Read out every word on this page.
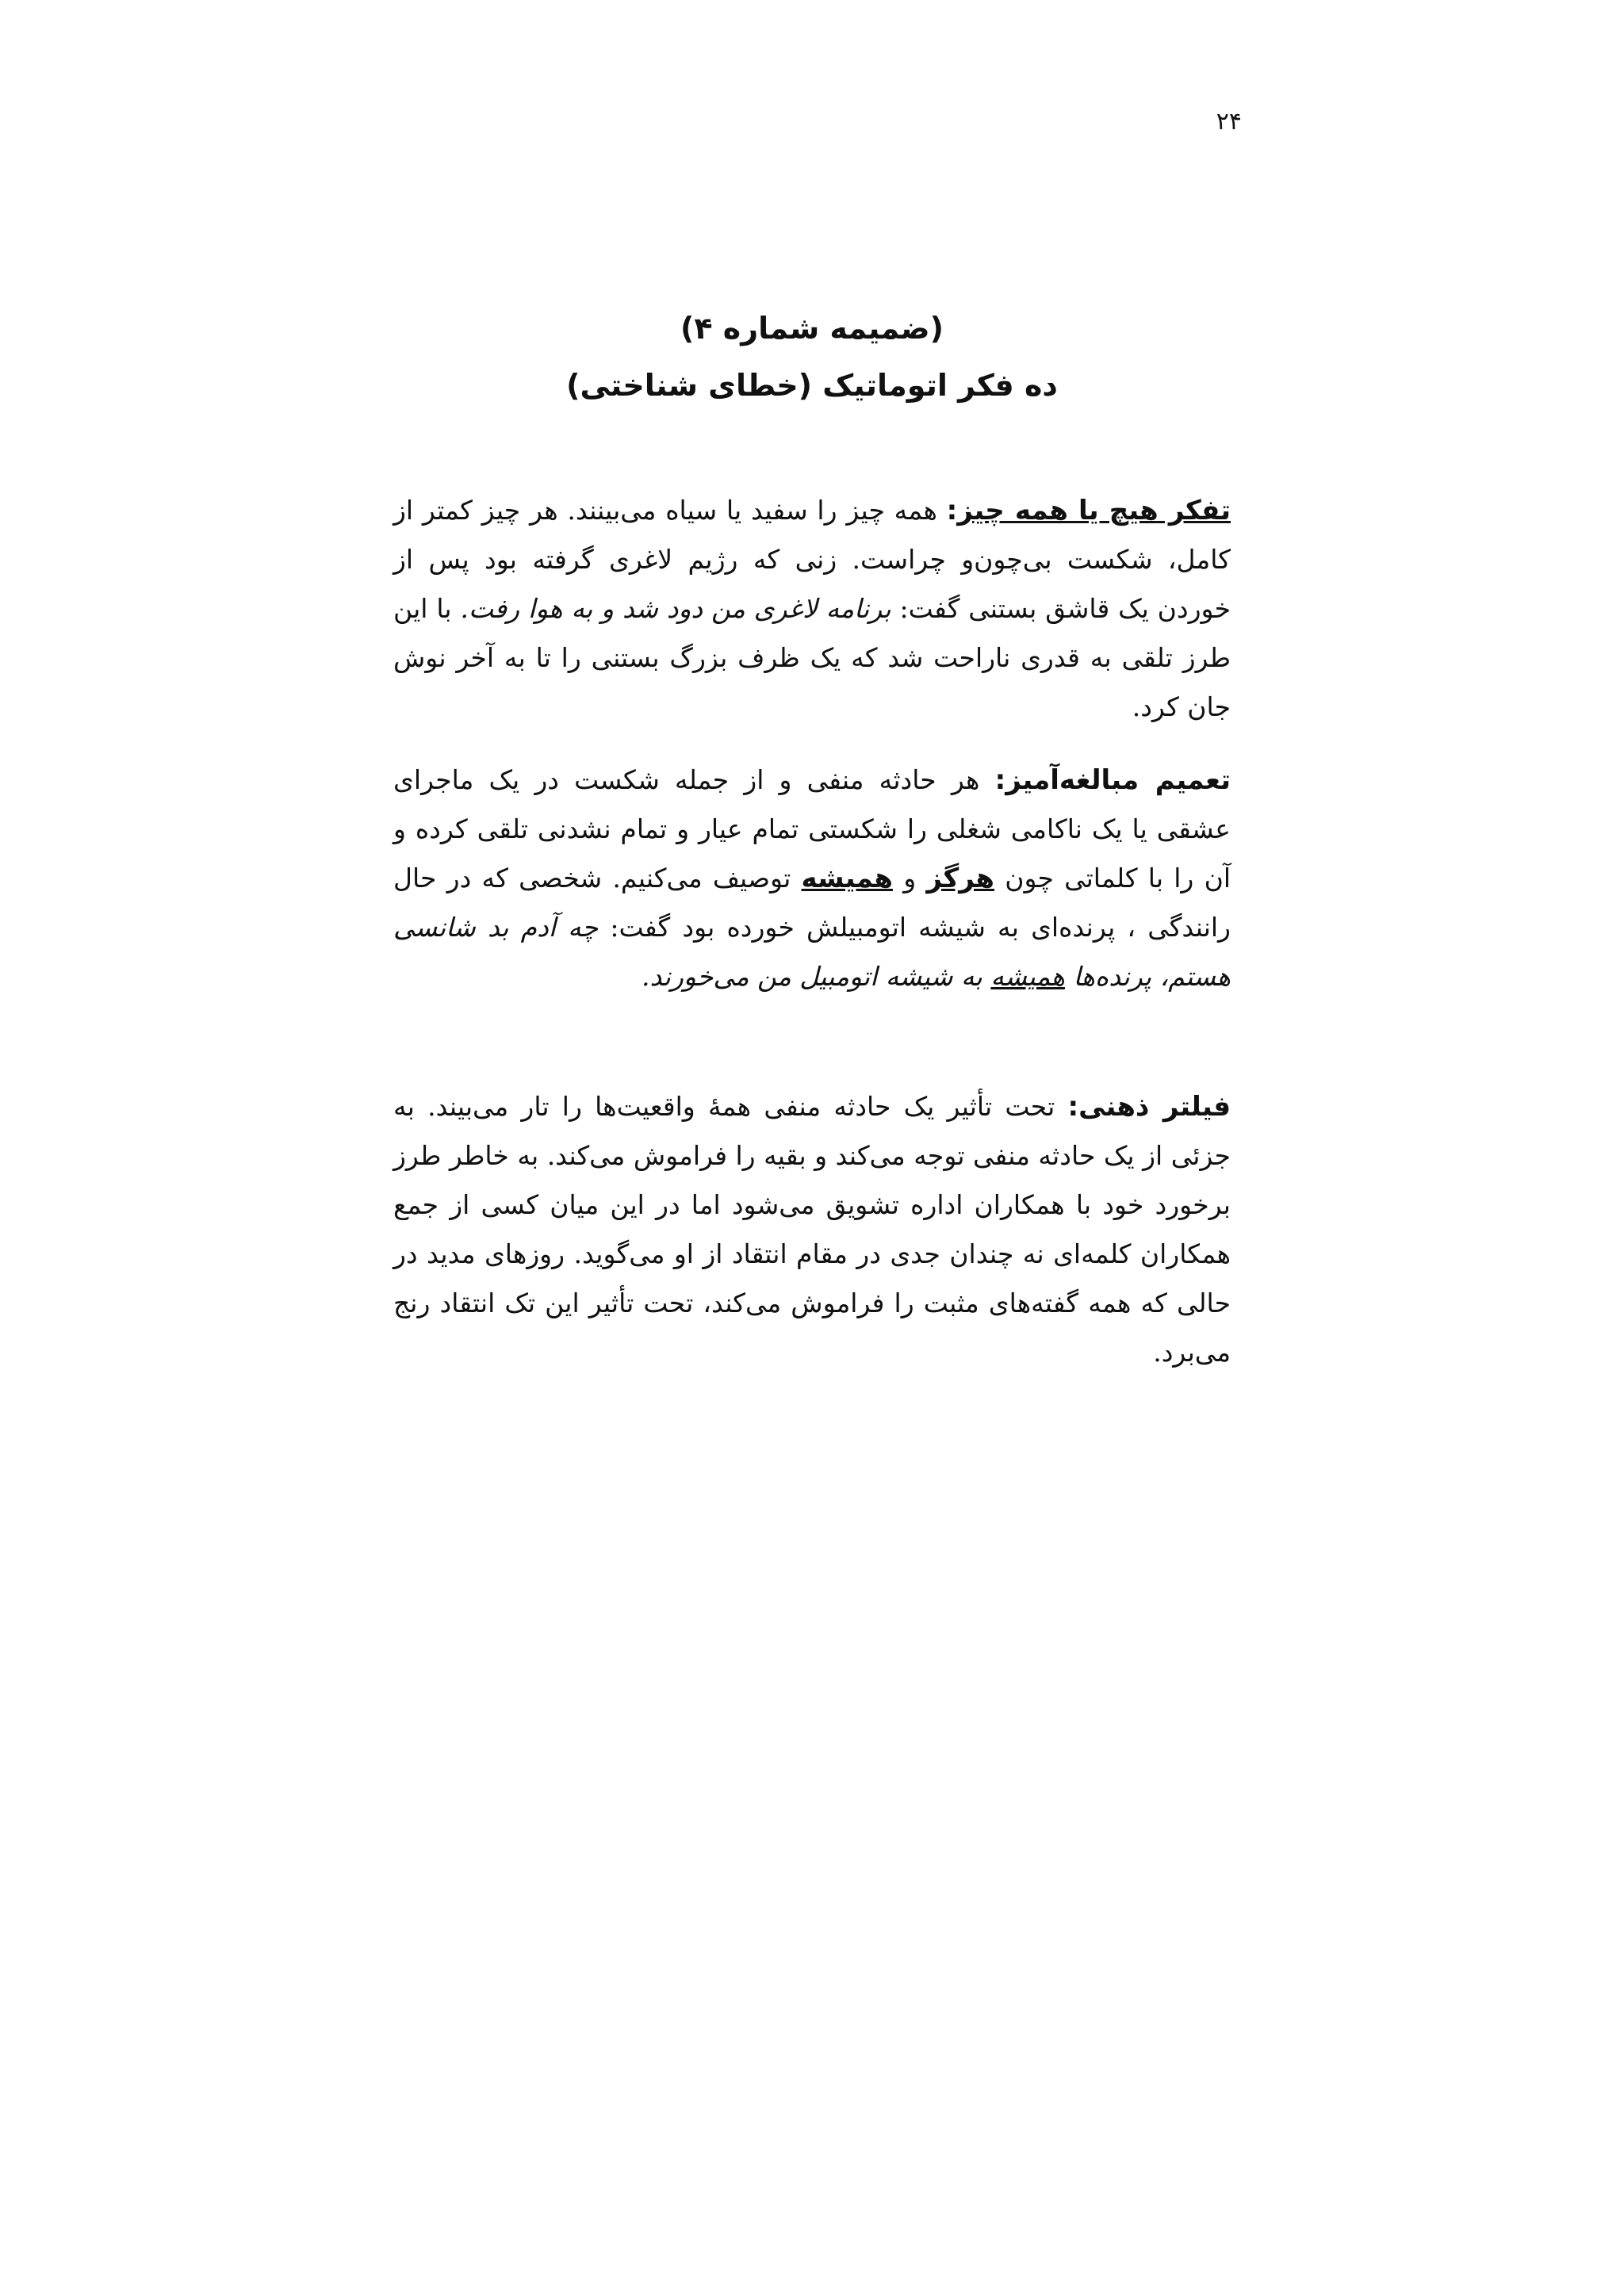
۲۴
(ضمیمه شماره ۴)
ده فکر اتوماتیک (خطای شناختی)

تفکر هیچ یا همه چیز: همه چیز را سفید یا سیاه می‌بینند. هر چیز کمتر از کامل، شکست بی‌چون‌و چراست. زنی که رژیم لاغری گرفته بود پس از خوردن یک قاشق بستنی گفت: برنامه لاغری من دود شد و به هوا رفت. با این طرز تلقی به قدری ناراحت شد که یک ظرف بزرگ بستنی را تا به آخر نوش جان کرد.

تعمیم مبالغه‌آمیز: هر حادثه منفی و از جمله شکست در یک ماجرای عشقی یا یک ناکامی شغلی را شکستی تمام عیار و تمام نشدنی تلقی کرده و آن را با کلماتی چون هرگز و همیشه توصیف می‌کنیم. شخصی که در حال رانندگی ، پرنده‌ای به شیشه اتومبیلش خورده بود گفت: چه آدم بد شانسی هستم، پرنده‌ها همیشه به شیشه اتومبیل من می‌خورند.

فیلتر ذهنی: تحت تأثیر یک حادثه منفی همهٔ واقعیت‌ها را تار می‌بیند. به جزئی از یک حادثه منفی توجه می‌کند و بقیه را فراموش می‌کند. به خاطر طرز برخورد خود با همکاران اداره تشویق می‌شود اما در این میان کسی از جمع همکاران کلمه‌ای نه چندان جدی در مقام انتقاد از او می‌گوید. روزهای مدید در حالی که همه گفته‌های مثبت را فراموش می‌کند، تحت تأثیر این تک انتقاد رنج می‌برد.
